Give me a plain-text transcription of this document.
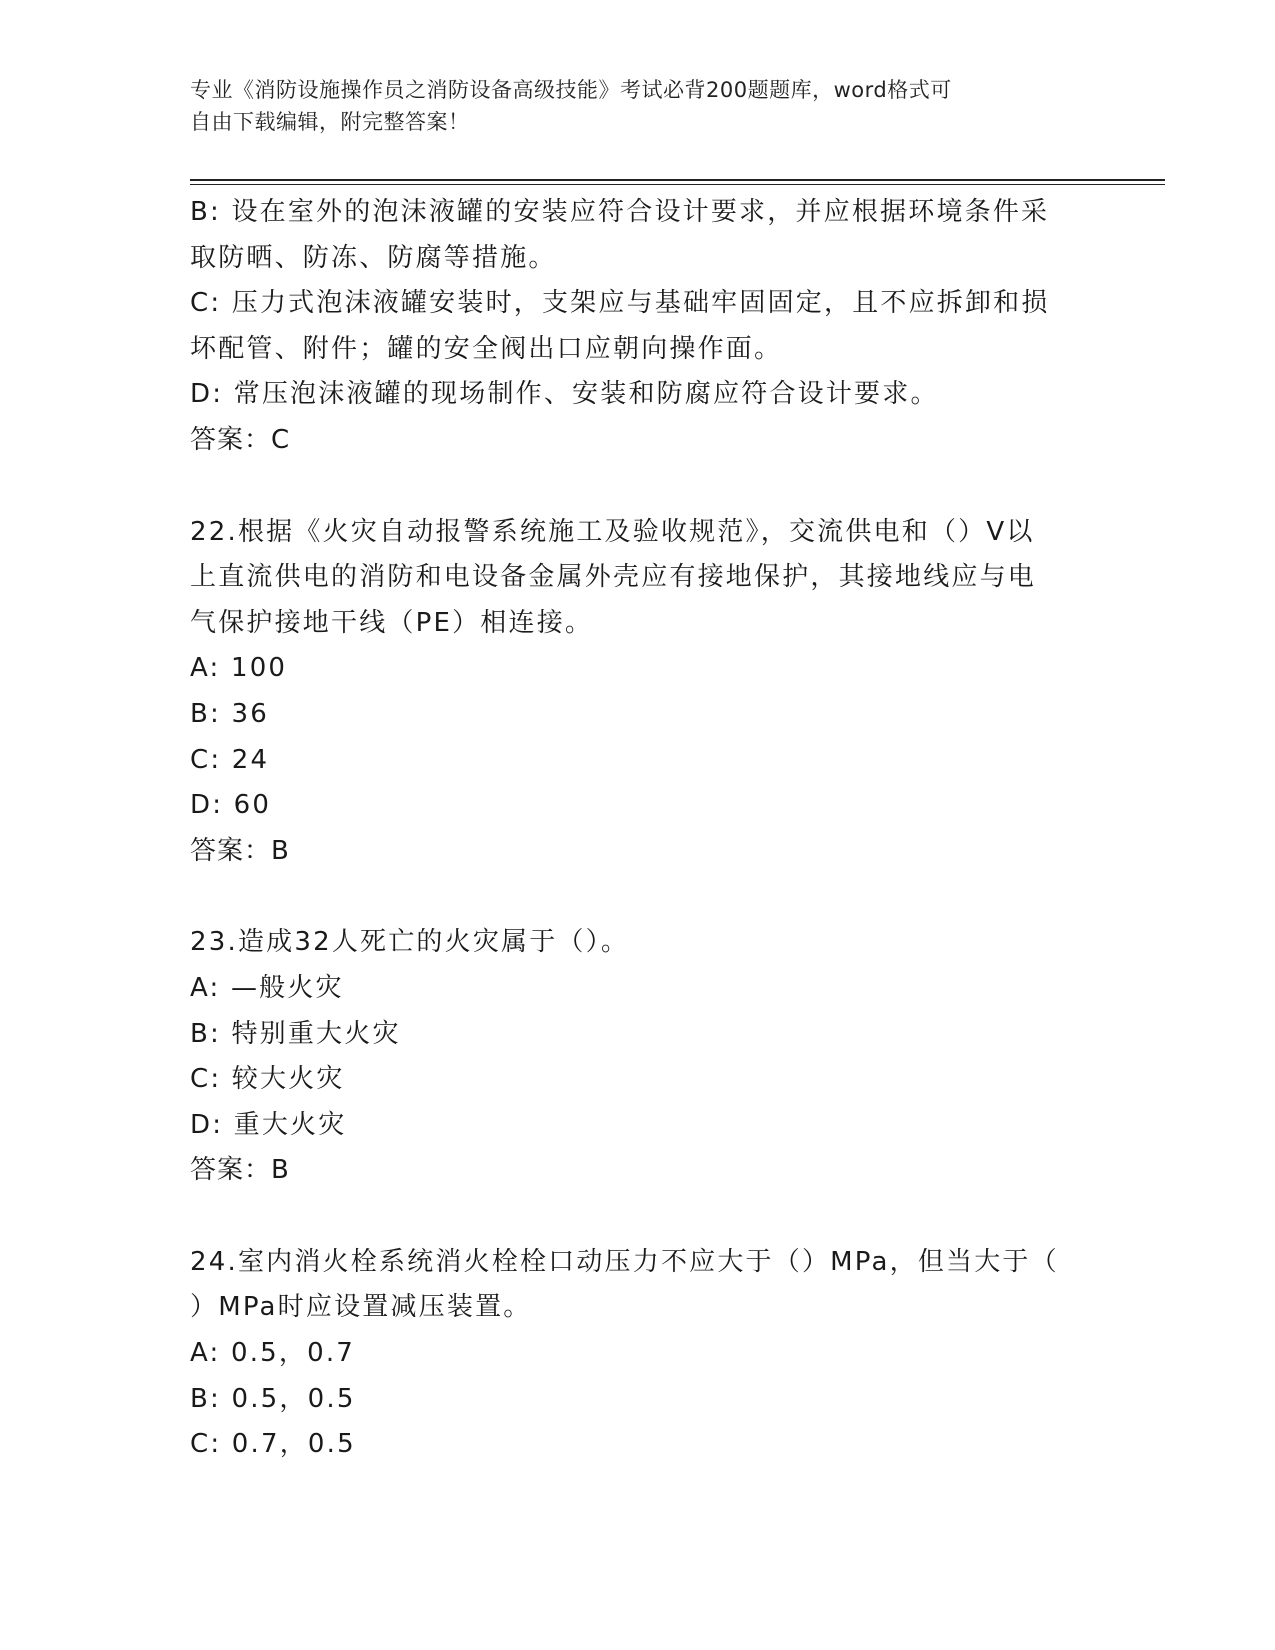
专业《消防设施操作员之消防设备高级技能》考试必背200题题库，word格式可
自由下载编辑，附完整答案！
B: 设在室外的泡沫液罐的安装应符合设计要求，并应根据环境条件采
取防晒、防冻、防腐等措施。
C: 压力式泡沫液罐安装时，支架应与基础牢固固定，且不应拆卸和损
坏配管、附件；罐的安全阀出口应朝向操作面。
D: 常压泡沫液罐的现场制作、安装和防腐应符合设计要求。
答案：C
22.根据《火灾自动报警系统施工及验收规范》，交流供电和（）V以
上直流供电的消防和电设备金属外壳应有接地保护，其接地线应与电
气保护接地干线（PE）相连接。
A: 100
B: 36
C: 24
D: 60
答案：B
23.造成32人死亡的火灾属于（）。
A: —般火灾
B: 特别重大火灾
C: 较大火灾
D: 重大火灾
答案：B
24.室内消火栓系统消火栓栓口动压力不应大于（）MPa，但当大于（
）MPa时应设置减压装置。
A: 0.5，0.7
B: 0.5，0.5
C: 0.7，0.5
